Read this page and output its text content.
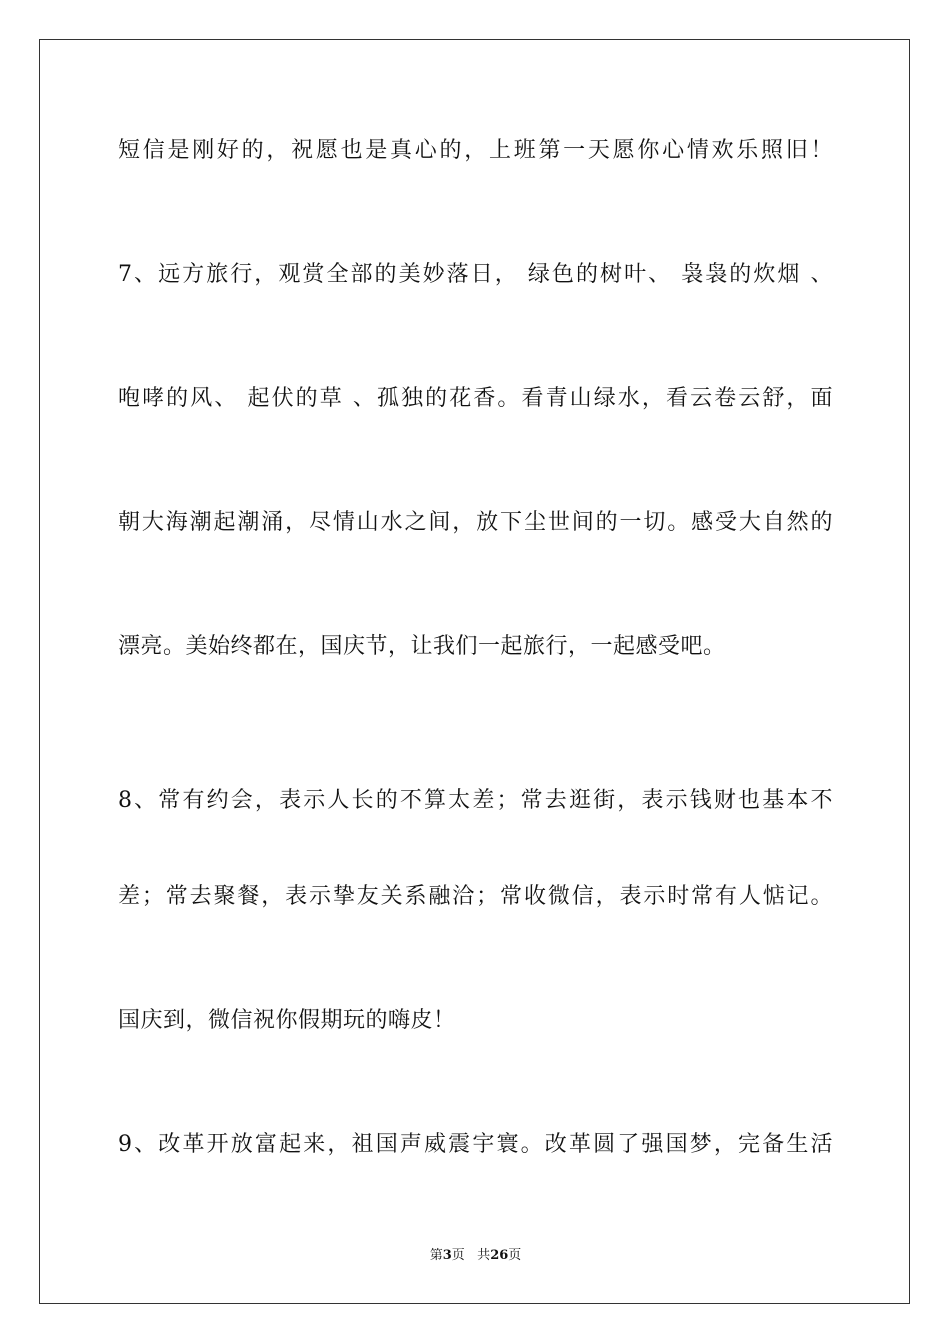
短信是刚好的，祝愿也是真心的，上班第一天愿你心情欢乐照旧！
7、远方旅行，观赏全部的美妙落日， 绿色的树叶、 袅袅的炊烟 、
咆哮的风、 起伏的草 、孤独的花香。看青山绿水，看云卷云舒，面
朝大海潮起潮涌，尽情山水之间，放下尘世间的一切。感受大自然的
漂亮。美始终都在，国庆节，让我们一起旅行，一起感受吧。
8、常有约会，表示人长的不算太差；常去逛街，表示钱财也基本不
差；常去聚餐，表示挚友关系融洽；常收微信，表示时常有人惦记。
国庆到，微信祝你假期玩的嗨皮！
9、改革开放富起来，祖国声威震宇寰。改革圆了强国梦，完备生活
第3页 共26页
